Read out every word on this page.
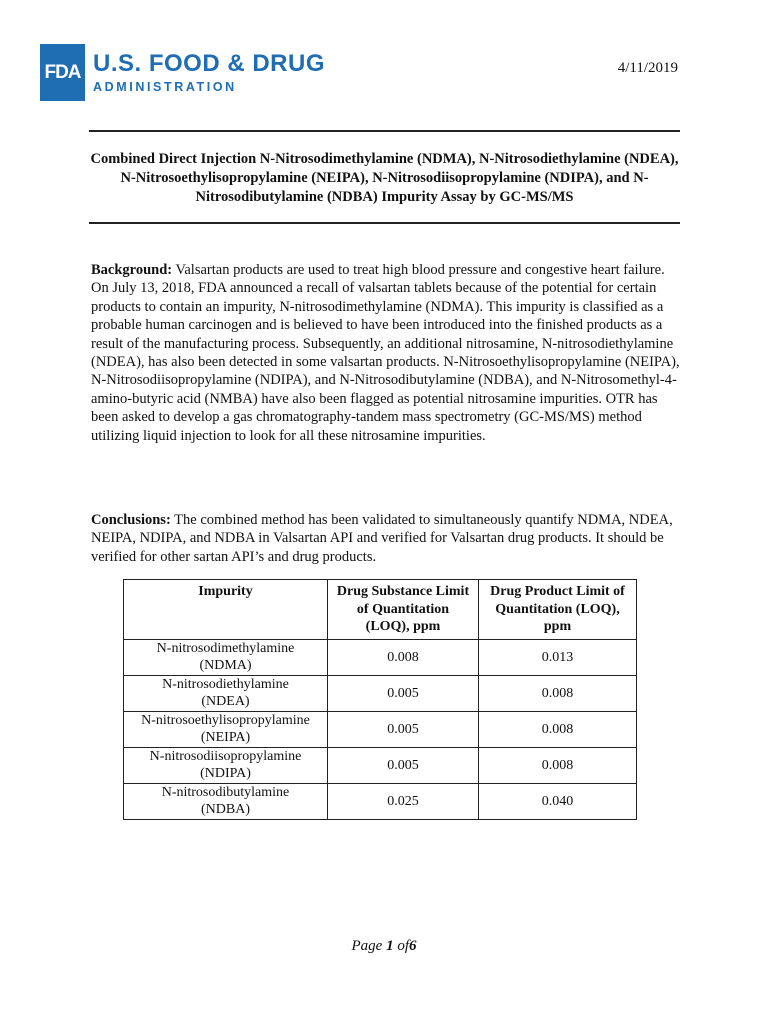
FDA U.S. FOOD & DRUG
ADMINISTRATION
4/11/2019
Combined Direct Injection N-Nitrosodimethylamine (NDMA), N-Nitrosodiethylamine (NDEA), N-Nitrosoethylisopropylamine (NEIPA), N-Nitrosodiisopropylamine (NDIPA), and N-Nitrosodibutylamine (NDBA) Impurity Assay by GC-MS/MS
Background: Valsartan products are used to treat high blood pressure and congestive heart failure. On July 13, 2018, FDA announced a recall of valsartan tablets because of the potential for certain products to contain an impurity, N-nitrosodimethylamine (NDMA). This impurity is classified as a probable human carcinogen and is believed to have been introduced into the finished products as a result of the manufacturing process. Subsequently, an additional nitrosamine, N-nitrosodiethylamine (NDEA), has also been detected in some valsartan products. N-Nitrosoethylisopropylamine (NEIPA), N-Nitrosodiisopropylamine (NDIPA), and N-Nitrosodibutylamine (NDBA), and N-Nitrosomethyl-4-amino-butyric acid (NMBA) have also been flagged as potential nitrosamine impurities. OTR has been asked to develop a gas chromatography-tandem mass spectrometry (GC-MS/MS) method utilizing liquid injection to look for all these nitrosamine impurities.
Conclusions: The combined method has been validated to simultaneously quantify NDMA, NDEA, NEIPA, NDIPA, and NDBA in Valsartan API and verified for Valsartan drug products. It should be verified for other sartan API’s and drug products.
Impurity	Drug Substance Limit of Quantitation (LOQ), ppm	Drug Product Limit of Quantitation (LOQ), ppm
N-nitrosodimethylamine
(NDMA)	0.008	0.013
N-nitrosodiethylamine
(NDEA)	0.005	0.008
N-nitrosoethylisopropylamine
(NEIPA)	0.005	0.008
N-nitrosodiisopropylamine
(NDIPA)	0.005	0.008
N-nitrosodibutylamine
(NDBA)	0.025	0.040
Page 1 of6
